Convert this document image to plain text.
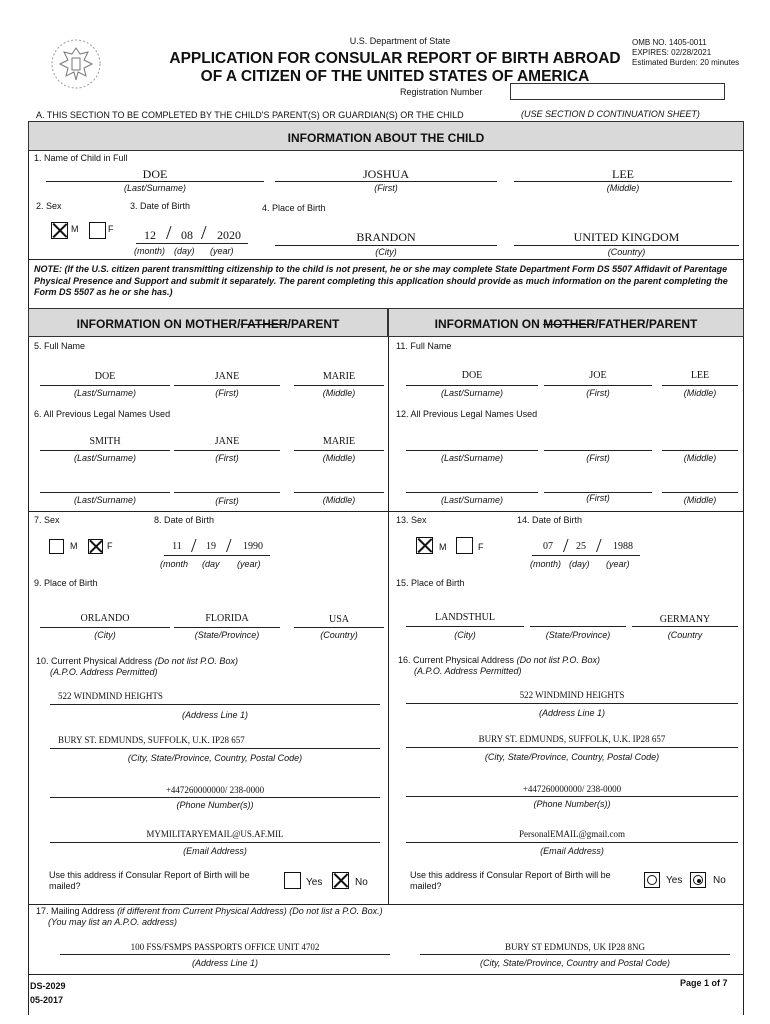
U.S. Department of State
APPLICATION FOR CONSULAR REPORT OF BIRTH ABROAD
OF A CITIZEN OF THE UNITED STATES OF AMERICA
OMB NO. 1405-0011
EXPIRES: 02/28/2021
Estimated Burden: 20 minutes
Registration Number
A. THIS SECTION TO BE COMPLETED BY THE CHILD'S PARENT(S) OR GUARDIAN(S) OR THE CHILD	(USE SECTION D CONTINUATION SHEET)
INFORMATION ABOUT THE CHILD
1. Name of Child in Full
DOE
(Last/Surname)
JOSHUA
(First)
LEE
(Middle)
2. Sex	3. Date of Birth	4. Place of Birth
M	F	12 / 08 / 2020
(month) (day) (year)
BRANDON
(City)
UNITED KINGDOM
(Country)
NOTE: (If the U.S. citizen parent transmitting citizenship to the child is not present, he or she may complete State Department Form DS 5507 Affidavit of Parentage Physical Presence and Support and submit it separately. The parent completing this application should provide as much information on the parent completing the Form DS 5507 as he or she has.)
INFORMATION ON MOTHER/FATHER/PARENT	INFORMATION ON MOTHER/FATHER/PARENT
5. Full Name
DOE
(Last/Surname)
JANE
(First)
MARIE
(Middle)
6. All Previous Legal Names Used
SMITH
(Last/Surname)
JANE
(First)
MARIE
(Middle)
(Last/Surname)	(First)	(Middle)
7. Sex	8. Date of Birth
M	F	11 / 19 /	1990
(month (day (year)
9. Place of Birth
ORLANDO
(City)
FLORIDA
(State/Province)
USA
(Country)
10. Current Physical Address (Do not list P.O. Box)
(A.P.O. Address Permitted)
522 WINDMIND HEIGHTS
(Address Line 1)
BURY ST. EDMUNDS, SUFFOLK, U.K. IP28 657
(City, State/Province, Country, Postal Code)
+447260000000/ 238-0000
(Phone Number(s))
MYMILITARYEMAIL@US.AF.MIL
(Email Address)
Use this address if Consular Report of Birth will be mailed?	Yes	No
11. Full Name
DOE
(Last/Surname)
JOE
(First)
LEE
(Middle)
12. All Previous Legal Names Used
(Last/Surname)	(First)	(Middle)
(Last/Surname)	(First)	(Middle)
13. Sex	14. Date of Birth
M	F	07 / 25 /	1988
(month) (day) (year)
15. Place of Birth
LANDSTHUL
(City)	(State/Province)
GERMANY
(Country
16. Current Physical Address (Do not list P.O. Box)
(A.P.O. Address Permitted)
522 WINDMIND HEIGHTS
(Address Line 1)
BURY ST. EDMUNDS, SUFFOLK, U.K. IP28 657
(City, State/Province, Country, Postal Code)
+447260000000/ 238-0000
(Phone Number(s))
PersonalEMAIL@gmail.com
(Email Address)
Use this address if Consular Report of Birth will be mailed?	Yes	No
17. Mailing Address (if different from Current Physical Address) (Do not list a P.O. Box.)
(You may list an A.P.O. address)
100 FSS/FSMPS PASSPORTS OFFICE UNIT 4702
(Address Line 1)
BURY ST EDMUNDS, UK IP28 8NG
(City, State/Province, Country and Postal Code)
DS-2029
05-2017
Page 1 of 7
